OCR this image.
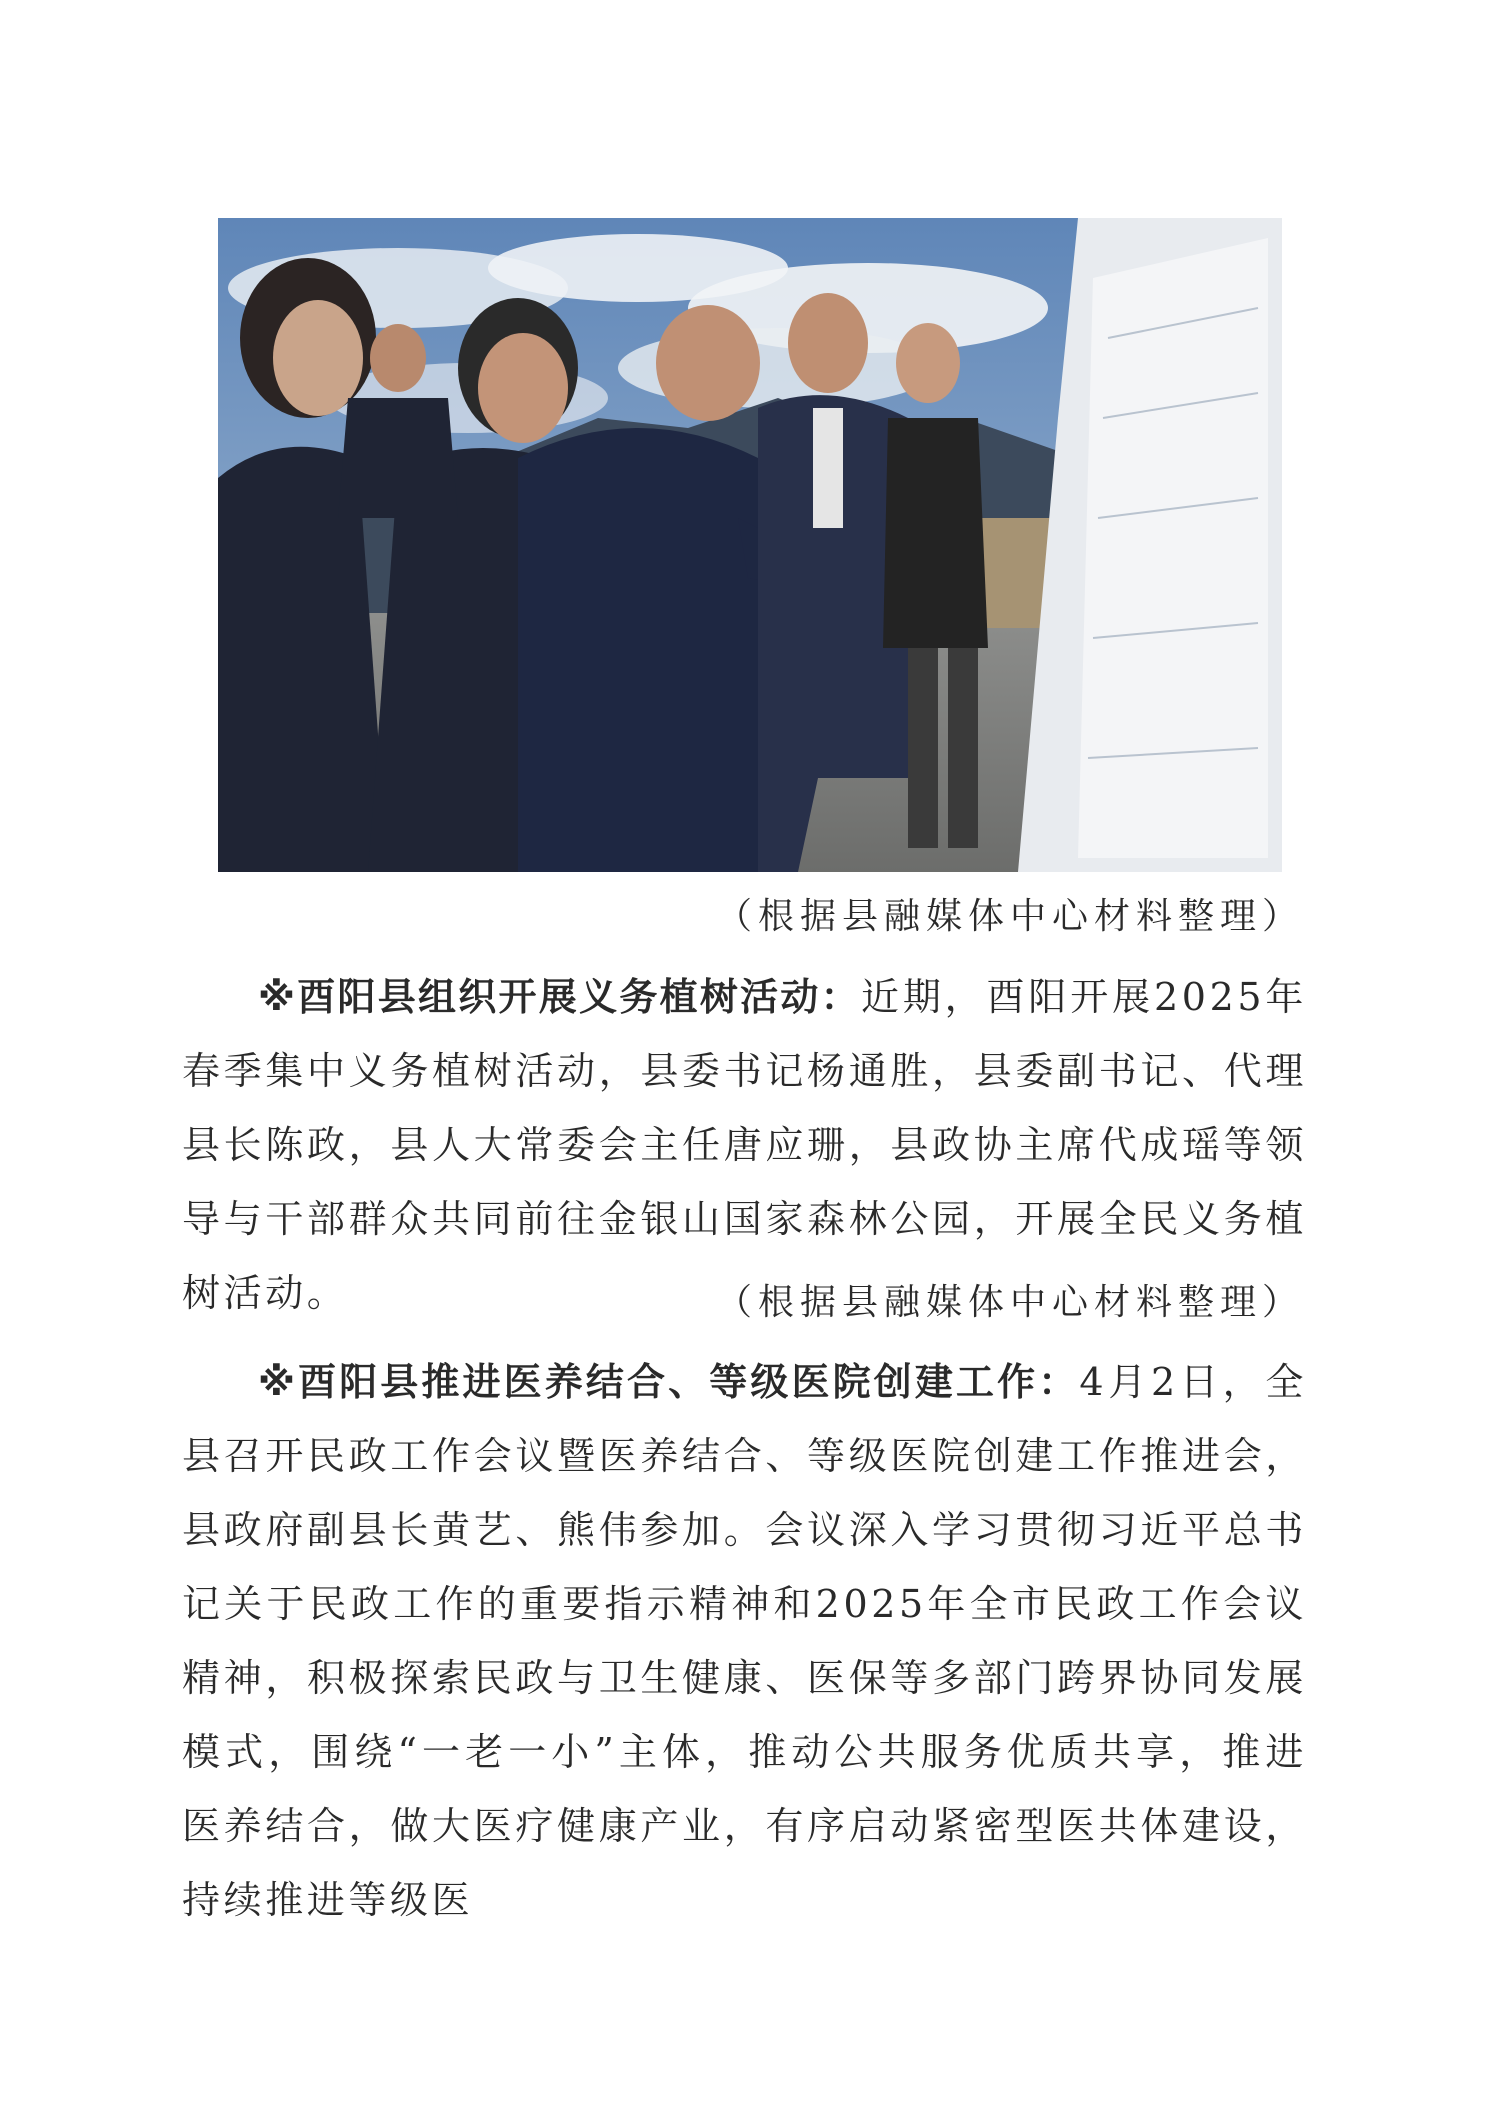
（根据县融媒体中心材料整理）

※酉阳县组织开展义务植树活动：近期，酉阳开展2025年春季集中义务植树活动，县委书记杨通胜，县委副书记、代理县长陈政，县人大常委会主任唐应珊，县政协主席代成瑶等领导与干部群众共同前往金银山国家森林公园，开展全民义务植树活动。	（根据县融媒体中心材料整理）

※酉阳县推进医养结合、等级医院创建工作：4月2日，全县召开民政工作会议暨医养结合、等级医院创建工作推进会，县政府副县长黄艺、熊伟参加。会议深入学习贯彻习近平总书记关于民政工作的重要指示精神和2025年全市民政工作会议精神，积极探索民政与卫生健康、医保等多部门跨界协同发展模式，围绕“一老一小”主体，推动公共服务优质共享，推进医养结合，做大医疗健康产业，有序启动紧密型医共体建设，持续推进等级医
